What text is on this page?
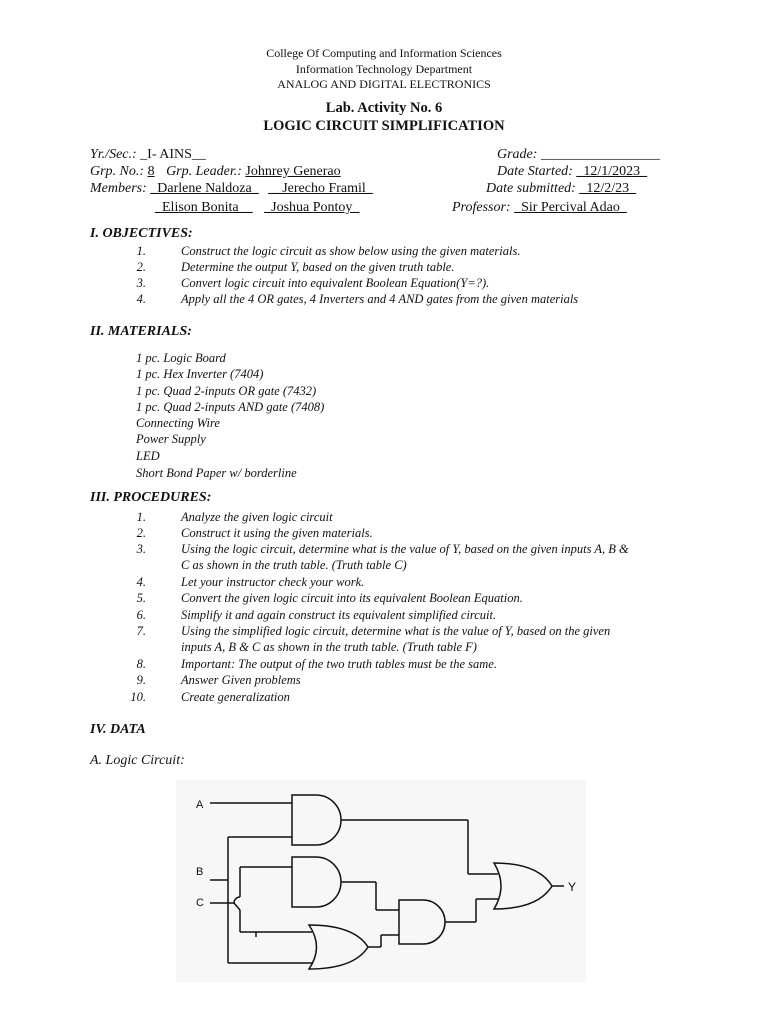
College Of Computing and Information Sciences
Information Technology Department
ANALOG AND DIGITAL ELECTRONICS
Lab. Activity No. 6
LOGIC CIRCUIT SIMPLIFICATION
Yr./Sec.: _I- AINS__	Grade: _________________
Grp. No.: 8 Grp. Leader.: Johnrey Generao	Date Started: _12/1/2023_
Members: _Darlene Naldoza_ __Jerecho Framil_	Date submitted: _12/2/23_
_Elison Bonita__ _Joshua Pontoy_	Professor: _Sir Percival Adao_
I. OBJECTIVES:
1.	Construct the logic circuit as show below using the given materials.
2.	Determine the output Y, based on the given truth table.
3.	Convert logic circuit into equivalent Boolean Equation(Y=?).
4.	Apply all the 4 OR gates, 4 Inverters and 4 AND gates from the given materials
II. MATERIALS:
1 pc. Logic Board
1 pc. Hex Inverter (7404)
1 pc. Quad 2-inputs OR gate (7432)
1 pc. Quad 2-inputs AND gate (7408)
Connecting Wire
Power Supply
LED
Short Bond Paper w/ borderline
III. PROCEDURES:
1.	Analyze the given logic circuit
2.	Construct it using the given materials.
3.	Using the logic circuit, determine what is the value of Y, based on the given inputs A, B &
C as shown in the truth table. (Truth table C)
4.	Let your instructor check your work.
5.	Convert the given logic circuit into its equivalent Boolean Equation.
6.	Simplify it and again construct its equivalent simplified circuit.
7.	Using the simplified logic circuit, determine what is the value of Y, based on the given
inputs A, B & C as shown in the truth table. (Truth table F)
8.	Important: The output of the two truth tables must be the same.
9.	Answer Given problems
10.	Create generalization
IV. DATA
A. Logic Circuit:
A
B
C
Y
